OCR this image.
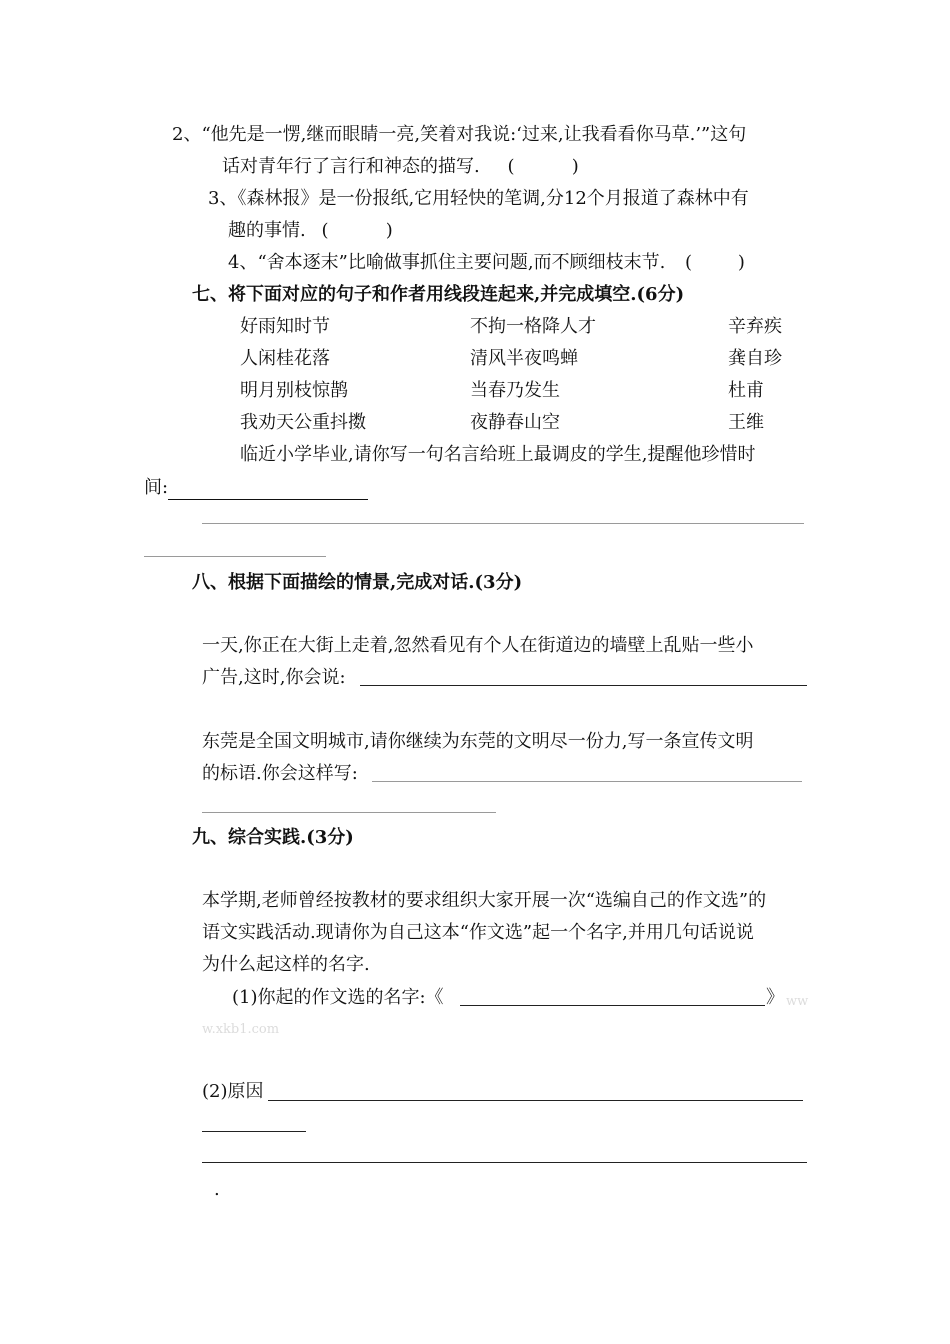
2、“他先是一愣,继而眼睛一亮,笑着对我说:‘过来,让我看看你马草.’”这句
话对青年行了言行和神态的描写. (          )
3、《森林报》是一份报纸,它用轻快的笔调,分12个月报道了森林中有
趣的事情. (          )
4、“舍本逐末”比喻做事抓住主要问题,而不顾细枝末节. (        )
七、将下面对应的句子和作者用线段连起来,并完成填空.(6分)
好雨知时节
人闲桂花落
明月别枝惊鹊
我劝天公重抖擞
不拘一格降人才
清风半夜鸣蝉
当春乃发生
夜静春山空
辛弃疾
龚自珍
杜甫
王维
临近小学毕业,请你写一句名言给班上最调皮的学生,提醒他珍惜时
间:
八、根据下面描绘的情景,完成对话.(3分)
一天,你正在大街上走着,忽然看见有个人在街道边的墙壁上乱贴一些小
广告,这时,你会说:
东莞是全国文明城市,请你继续为东莞的文明尽一份力,写一条宣传文明
的标语.你会这样写:
九、综合实践.(3分)
本学期,老师曾经按教材的要求组织大家开展一次“选编自己的作文选”的
语文实践活动.现请你为自己这本“作文选”起一个名字,并用几句话说说
为什么起这样的名字.
(1)你起的作文选的名字:《	》 ww
w.xkb1.com
(2)原因
.
